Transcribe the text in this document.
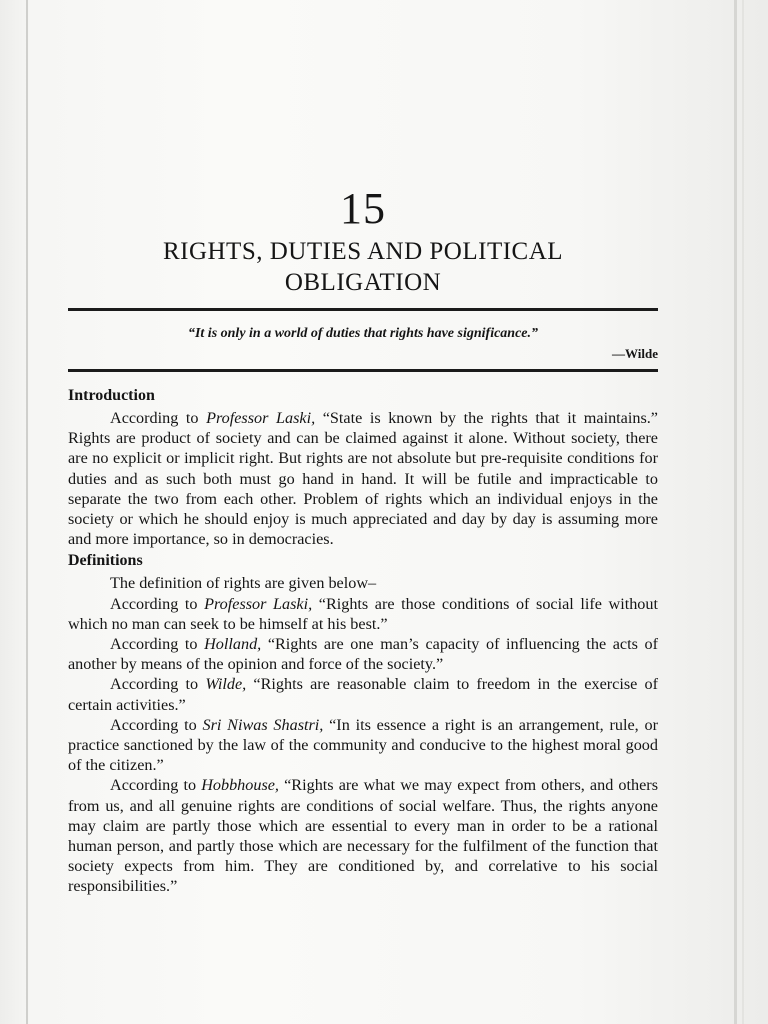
15
RIGHTS, DUTIES AND POLITICAL
OBLIGATION
“It is only in a world of duties that rights have significance.”
—Wilde
Introduction

According to Professor Laski, “State is known by the rights that it maintains.” Rights are product of society and can be claimed against it alone. Without society, there are no explicit or implicit right. But rights are not absolute but pre-requisite conditions for duties and as such both must go hand in hand. It will be futile and impracticable to separate the two from each other. Problem of rights which an individual enjoys in the society or which he should enjoy is much appreciated and day by day is assuming more and more importance, so in democracies.

Definitions

The definition of rights are given below–

According to Professor Laski, “Rights are those conditions of social life without which no man can seek to be himself at his best.”

According to Holland, “Rights are one man’s capacity of influencing the acts of another by means of the opinion and force of the society.”

According to Wilde, “Rights are reasonable claim to freedom in the exercise of certain activities.”

According to Sri Niwas Shastri, “In its essence a right is an arrangement, rule, or practice sanctioned by the law of the community and conducive to the highest moral good of the citizen.”

According to Hobbhouse, “Rights are what we may expect from others, and others from us, and all genuine rights are conditions of social welfare. Thus, the rights anyone may claim are partly those which are essential to every man in order to be a rational human person, and partly those which are necessary for the fulfilment of the function that society expects from him. They are conditioned by, and correlative to his social responsibilities.”
